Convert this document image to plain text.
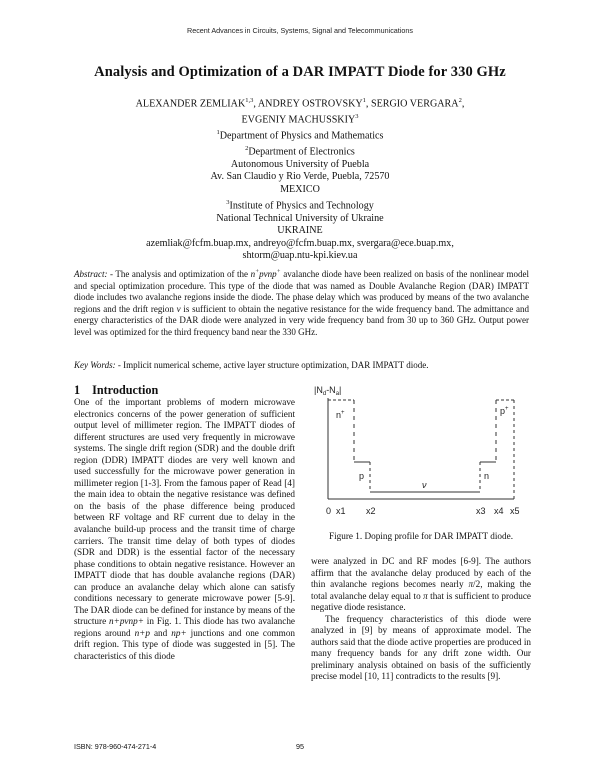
Recent Advances in Circuits, Systems, Signal and Telecommunications
Analysis and Optimization of a DAR IMPATT Diode for 330 GHz
ALEXANDER ZEMLIAK$^{1,3}$, ANDREY OSTROVSKY$^1$, SERGIO VERGARA$^2$,
EVGENIY MACHUSSKIY$^3$
$^1$Department of Physics and Mathematics
$^2$Department of Electronics
Autonomous University of Puebla
Av. San Claudio y Rio Verde, Puebla, 72570
MEXICO
$^3$Institute of Physics and Technology
National Technical University of Ukraine
UKRAINE
azemliak@fcfm.buap.mx, andreyo@fcfm.buap.mx, svergara@ece.buap.mx,
shtorm@uap.ntu-kpi.kiev.ua
Abstract: - The analysis and optimization of the n+pνnp+ avalanche diode have been realized on basis of the nonlinear model and special optimization procedure. This type of the diode that was named as Double Avalanche Region (DAR) IMPATT diode includes two avalanche regions inside the diode. The phase delay which was produced by means of the two avalanche regions and the drift region ν is sufficient to obtain the negative resistance for the wide frequency band. The admittance and energy characteristics of the DAR diode were analyzed in very wide frequency band from 30 up to 360 GHz. Output power level was optimized for the third frequency band near the 330 GHz.
Key Words: - Implicit numerical scheme, active layer structure optimization, DAR IMPATT diode.
1 Introduction
One of the important problems of modern microwave electronics concerns of the power generation of sufficient output level of millimeter region. The IMPATT diodes of different structures are used very frequently in microwave systems. The single drift region (SDR) and the double drift region (DDR) IMPATT diodes are very well known and used successfully for the microwave power generation in millimeter region [1-3]. From the famous paper of Read [4] the main idea to obtain the negative resistance was defined on the basis of the phase difference being produced between RF voltage and RF current due to delay in the avalanche build-up process and the transit time of charge carriers. The transit time delay of both types of diodes (SDR and DDR) is the essential factor of the necessary phase conditions to obtain negative resistance. However an IMPATT diode that has double avalanche regions (DAR) can produce an avalanche delay which alone can satisfy conditions necessary to generate microwave power [5-9]. The DAR diode can be defined for instance by means of the structure n+pνnp+ in Fig. 1. This diode has two avalanche regions around n+p and np+ junctions and one common drift region. This type of diode was suggested in [5]. The characteristics of this diode
$|N_d-N_a|$
n+
p
ν
n
p+
0 x1 x2	x3 x4 x5
Figure 1. Doping profile for DAR IMPATT diode.
were analyzed in DC and RF modes [6-9]. The authors affirm that the avalanche delay produced by each of the thin avalanche regions becomes nearly π/2, making the total avalanche delay equal to π that is sufficient to produce negative diode resistance.
The frequency characteristics of this diode were analyzed in [9] by means of approximate model. The authors said that the diode active properties are produced in many frequency bands for any drift zone width. Our preliminary analysis obtained on basis of the sufficiently precise model [10, 11] contradicts to the results [9].
ISBN: 978-960-474-271-4	95
